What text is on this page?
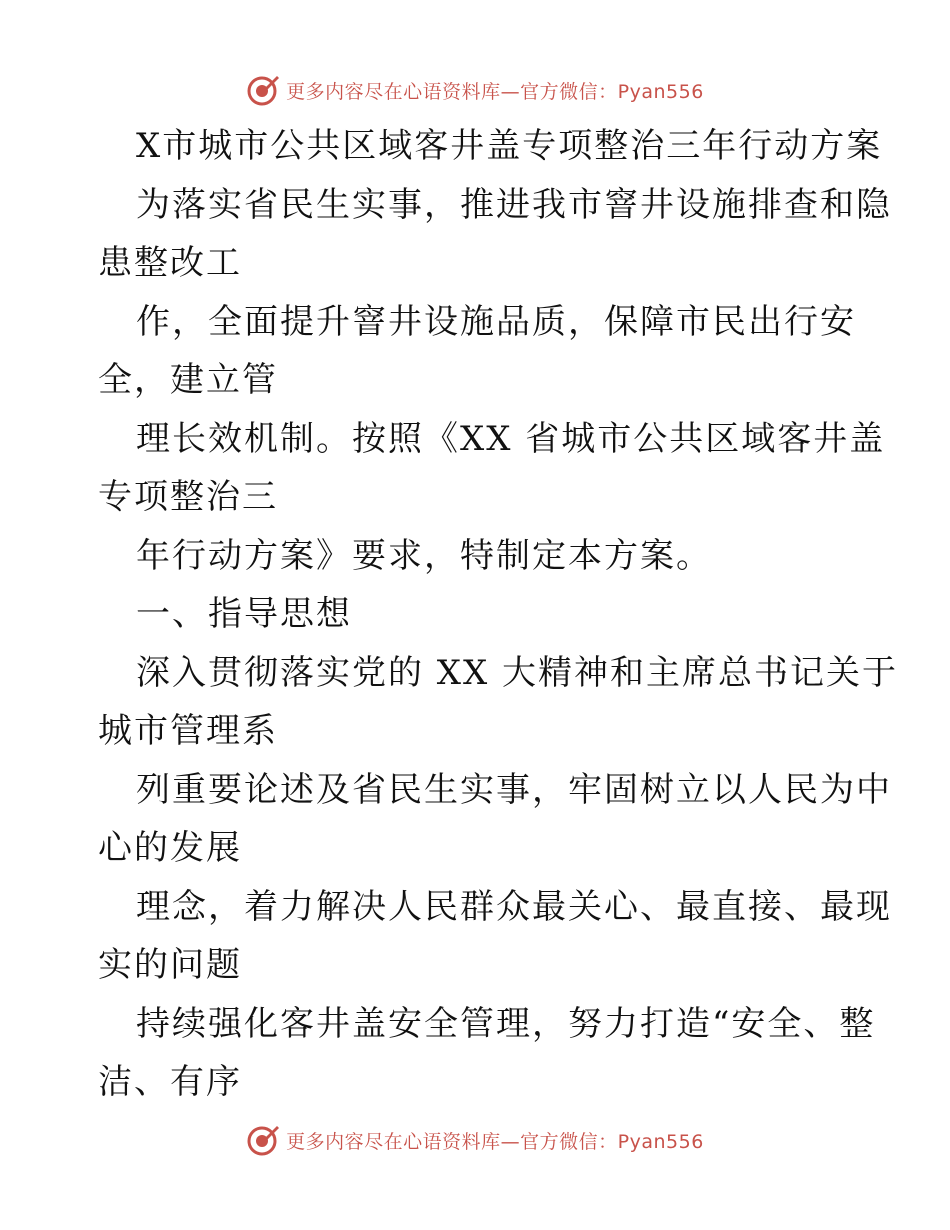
更多内容尽在心语资料库—官方微信：Pyan556
X市城市公共区域客井盖专项整治三年行动方案
为落实省民生实事，推进我市窨井设施排查和隐
患整改工
作，全面提升窨井设施品质，保障市民出行安
全，建立管
理长效机制。按照《XX 省城市公共区域客井盖
专项整治三
年行动方案》要求，特制定本方案。
一、指导思想
深入贯彻落实党的 XX 大精神和主席总书记关于
城市管理系
列重要论述及省民生实事，牢固树立以人民为中
心的发展
理念，着力解决人民群众最关心、最直接、最现
实的问题
持续强化客井盖安全管理，努力打造“安全、整
洁、有序
更多内容尽在心语资料库—官方微信：Pyan556
